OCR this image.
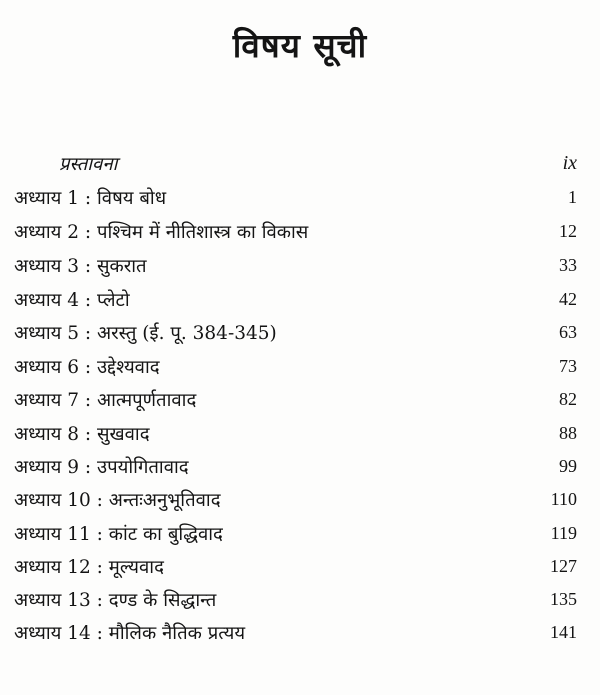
विषय सूची
प्रस्तावना	ix
अध्याय 1 : विषय बोध	1
अध्याय 2 : पश्चिम में नीतिशास्त्र का विकास	12
अध्याय 3 : सुकरात	33
अध्याय 4 : प्लेटो	42
अध्याय 5 : अरस्तु (ई. पू. 384-345)	63
अध्याय 6 : उद्देश्यवाद	73
अध्याय 7 : आत्मपूर्णतावाद	82
अध्याय 8 : सुखवाद	88
अध्याय 9 : उपयोगितावाद	99
अध्याय 10 : अन्तःअनुभूतिवाद	110
अध्याय 11 : कांट का बुद्धिवाद	119
अध्याय 12 : मूल्यवाद	127
अध्याय 13 : दण्ड के सिद्धान्त	135
अध्याय 14 : मौलिक नैतिक प्रत्यय	141
